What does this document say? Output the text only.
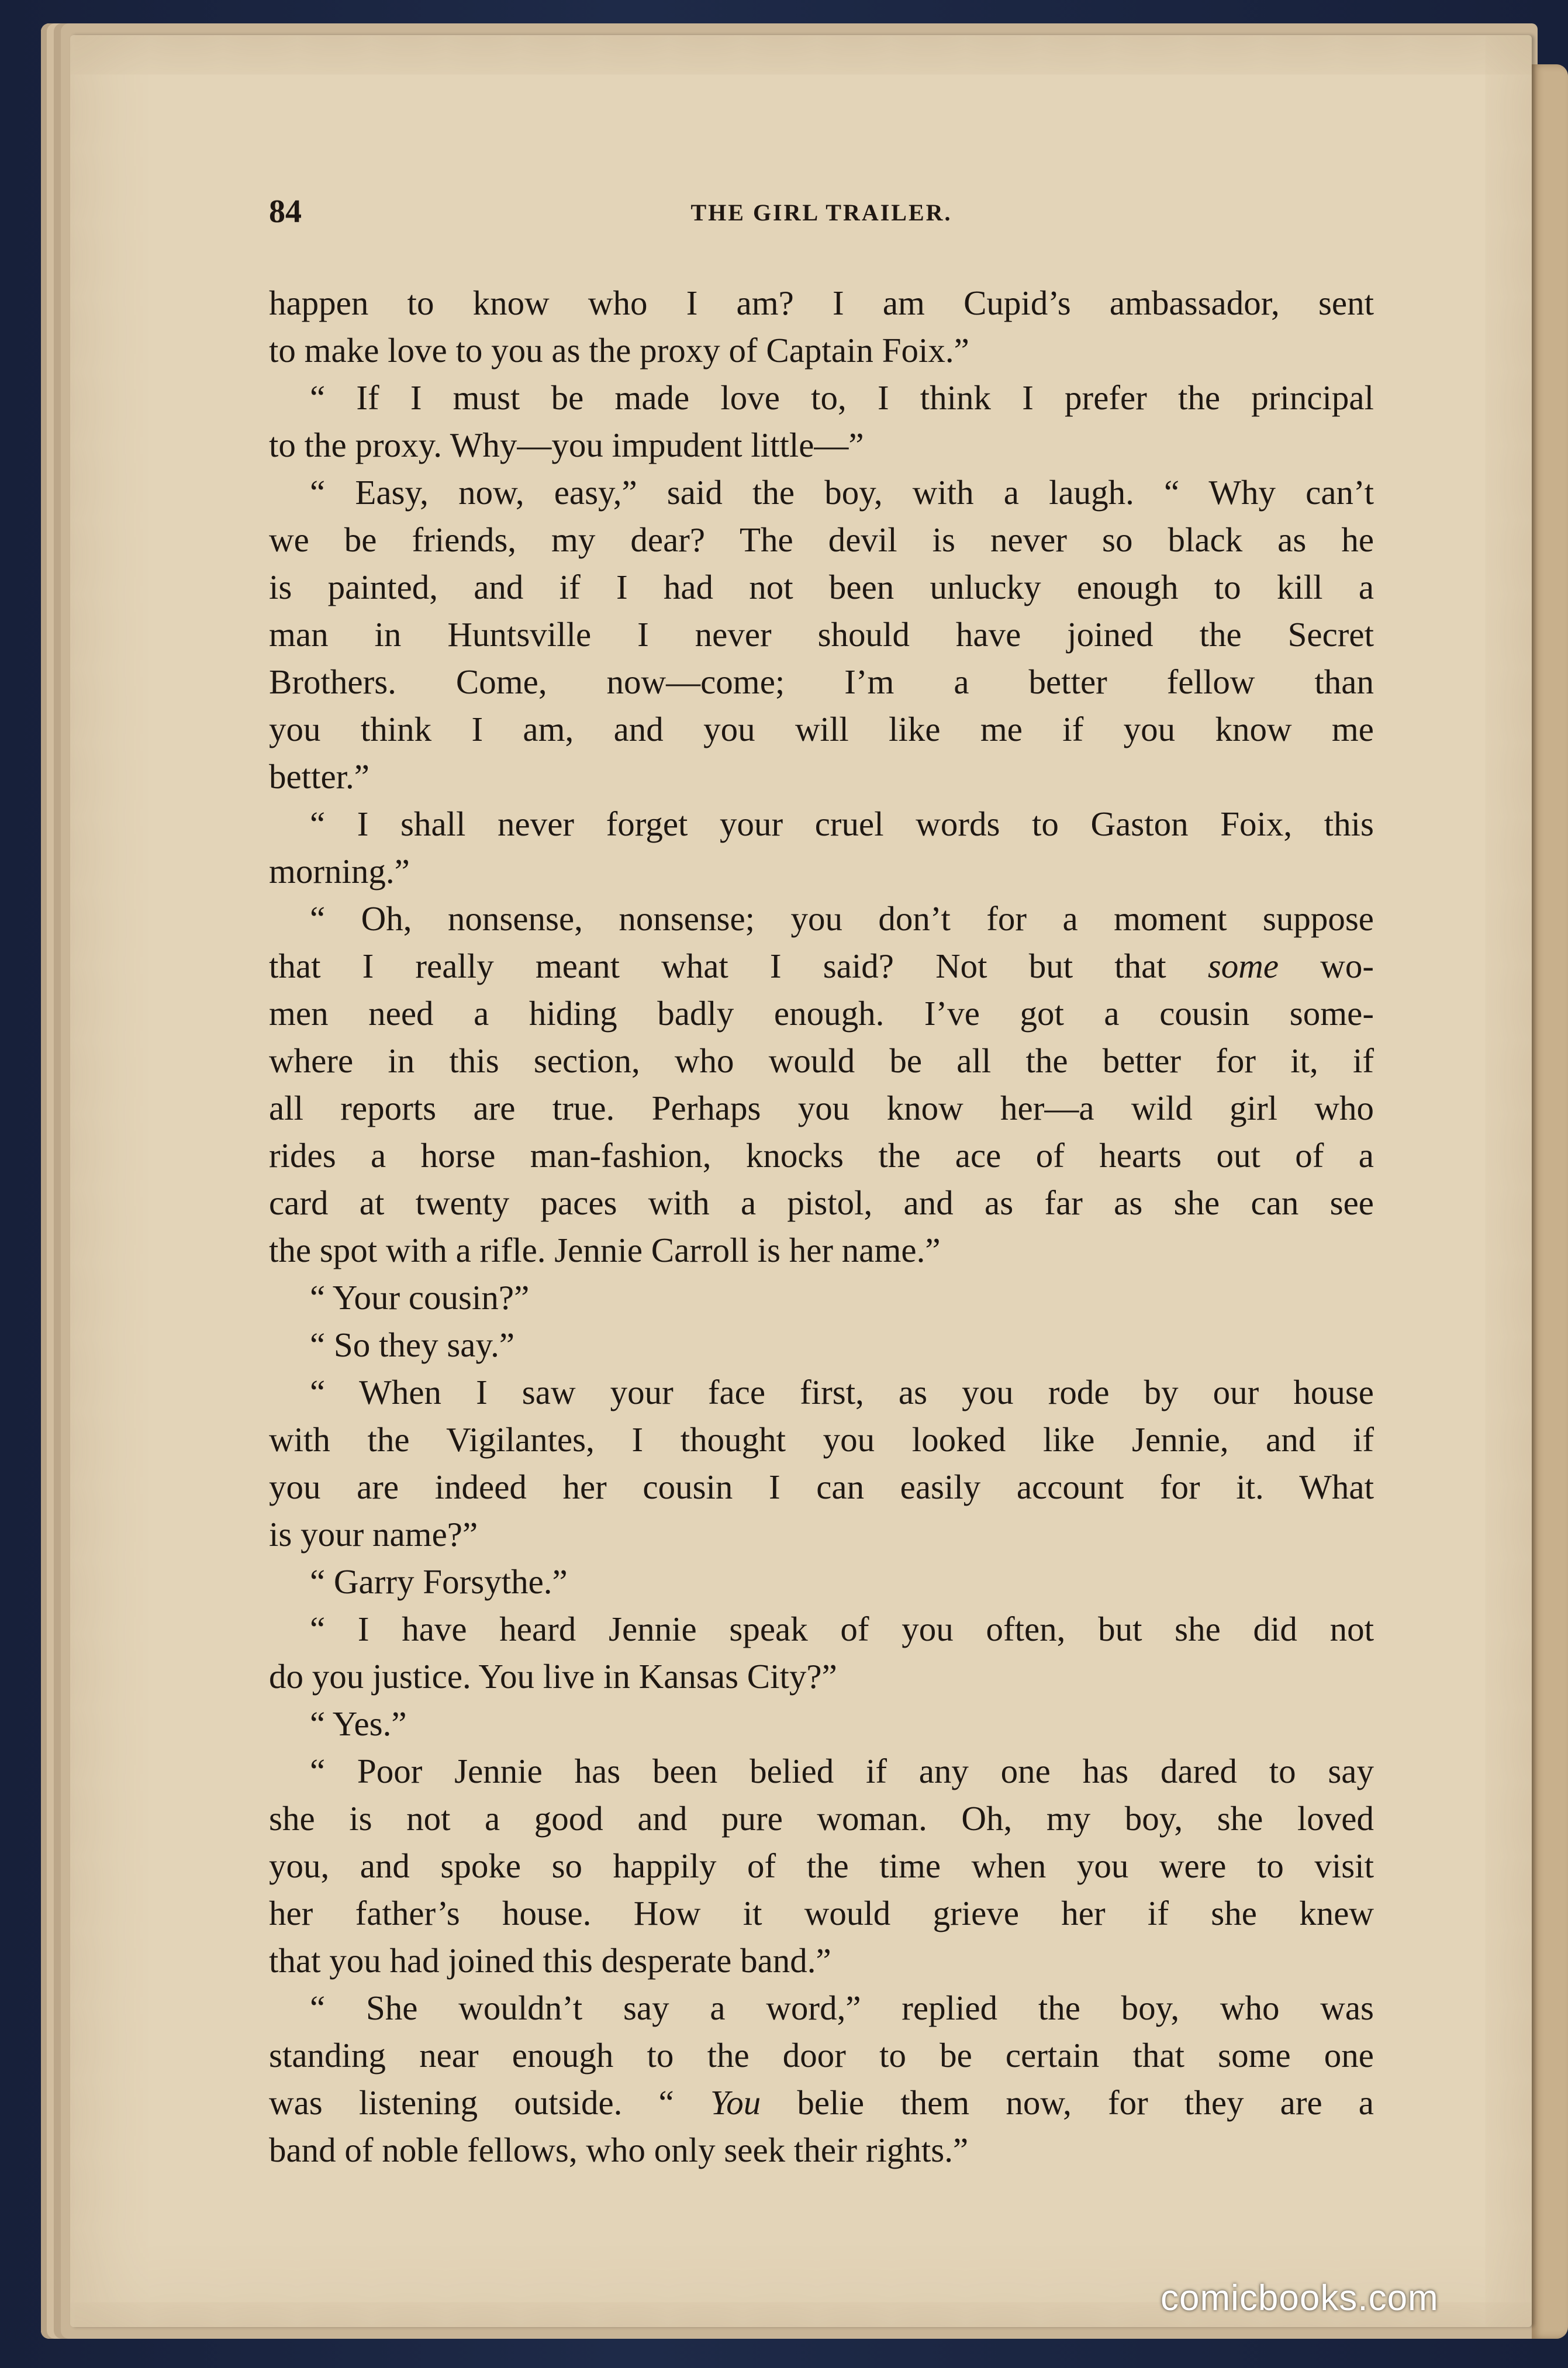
84	THE GIRL TRAILER.
happen to know who I am? I am Cupid’s ambassador, sent
to make love to you as the proxy of Captain Foix.”
“ If I must be made love to, I think I prefer the principal
to the proxy. Why—you impudent little—”
“ Easy, now, easy,” said the boy, with a laugh. “ Why can’t
we be friends, my dear? The devil is never so black as he
is painted, and if I had not been unlucky enough to kill a
man in Huntsville I never should have joined the Secret
Brothers. Come, now—come; I’m a better fellow than
you think I am, and you will like me if you know me
better.”
“ I shall never forget your cruel words to Gaston Foix, this
morning.”
“ Oh, nonsense, nonsense; you don’t for a moment suppose
that I really meant what I said? Not but that some wo-
men need a hiding badly enough. I’ve got a cousin some-
where in this section, who would be all the better for it, if
all reports are true. Perhaps you know her—a wild girl who
rides a horse man-fashion, knocks the ace of hearts out of a
card at twenty paces with a pistol, and as far as she can see
the spot with a rifle. Jennie Carroll is her name.”
“ Your cousin?”
“ So they say.”
“ When I saw your face first, as you rode by our house
with the Vigilantes, I thought you looked like Jennie, and if
you are indeed her cousin I can easily account for it. What
is your name?”
“ Garry Forsythe.”
“ I have heard Jennie speak of you often, but she did not
do you justice. You live in Kansas City?”
“ Yes.”
“ Poor Jennie has been belied if any one has dared to say
she is not a good and pure woman. Oh, my boy, she loved
you, and spoke so happily of the time when you were to visit
her father’s house. How it would grieve her if she knew
that you had joined this desperate band.”
“ She wouldn’t say a word,” replied the boy, who was
standing near enough to the door to be certain that some one
was listening outside. “ You belie them now, for they are a
band of noble fellows, who only seek their rights.”
comicbooks.com
